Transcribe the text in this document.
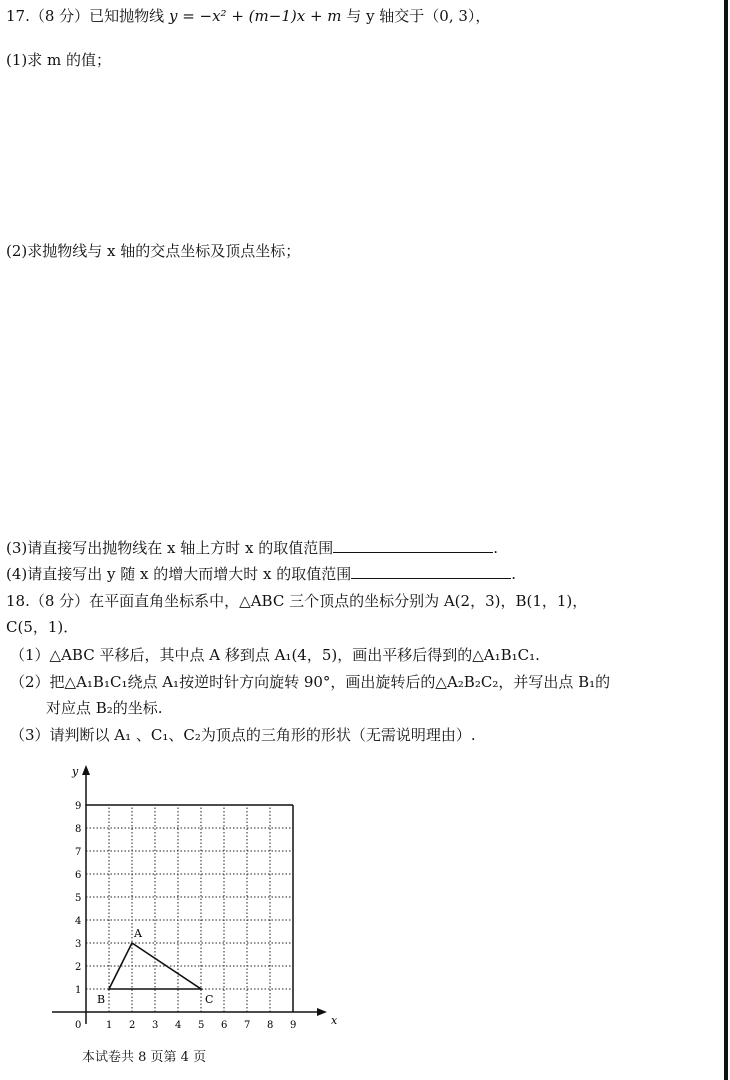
17.（8 分）已知抛物线 y = −x² + (m−1)x + m 与 y 轴交于（0, 3），
(1)求 m 的值；
(2)求抛物线与 x 轴的交点坐标及顶点坐标；
(3)请直接写出抛物线在 x 轴上方时 x 的取值范围	.
(4)请直接写出 y 随 x 的增大而增大时 x 的取值范围	.
18.（8 分）在平面直角坐标系中，△ABC 三个顶点的坐标分别为 A(2，3)，B(1，1)，
C(5，1)．
（1）△ABC 平移后，其中点 A 移到点 A₁(4，5)，画出平移后得到的△A₁B₁C₁.
（2）把△A₁B₁C₁绕点 A₁按逆时针方向旋转 90°，画出旋转后的△A₂B₂C₂，并写出点 B₁的
对应点 B₂的坐标.
（3）请判断以 A₁ 、C₁、C₂为顶点的三角形的形状（无需说明理由）.
x
y
1 2 3 4 5 6 7 8 9
1
2
3
4
5
6
7
8
9
0
A
B	C
本试卷共 8 页第 4 页
